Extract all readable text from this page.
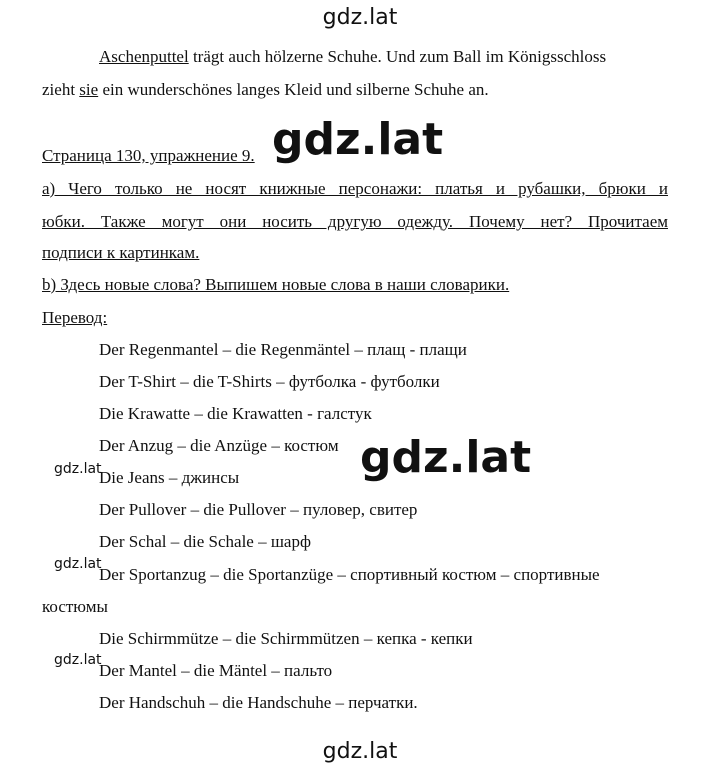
Aschenputtel trägt auch hölzerne Schuhe. Und zum Ball im Königsschloss
zieht sie ein wunderschönes langes Kleid und silberne Schuhe an.
Страница 130, упражнение 9.
a) Чего только не носят книжные персонажи: платья и рубашки, брюки и
юбки. Также могут они носить другую одежду. Почему нет? Прочитаем
подписи к картинкам.
b) Здесь новые слова? Выпишем новые слова в наши словарики.
Перевод:
Der Regenmantel – die Regenmäntel – плащ - плащи
Der T-Shirt – die T-Shirts – футболка - футболки
Die Krawatte – die Krawatten - галстук
Der Anzug – die Anzüge – костюм
Die Jeans – джинсы
Der Pullover – die Pullover – пуловер, свитер
Der Schal – die Schale – шарф
Der Sportanzug – die Sportanzüge – спортивный костюм – спортивные
костюмы
Die Schirmmütze – die Schirmmützen – кепка - кепки
Der Mantel – die Mäntel – пальто
Der Handschuh – die Handschuhe – перчатки.
gdz.lat
gdz.lat
gdz.lat
gdz.lat
gdz.lat
gdz.lat
gdz.lat
